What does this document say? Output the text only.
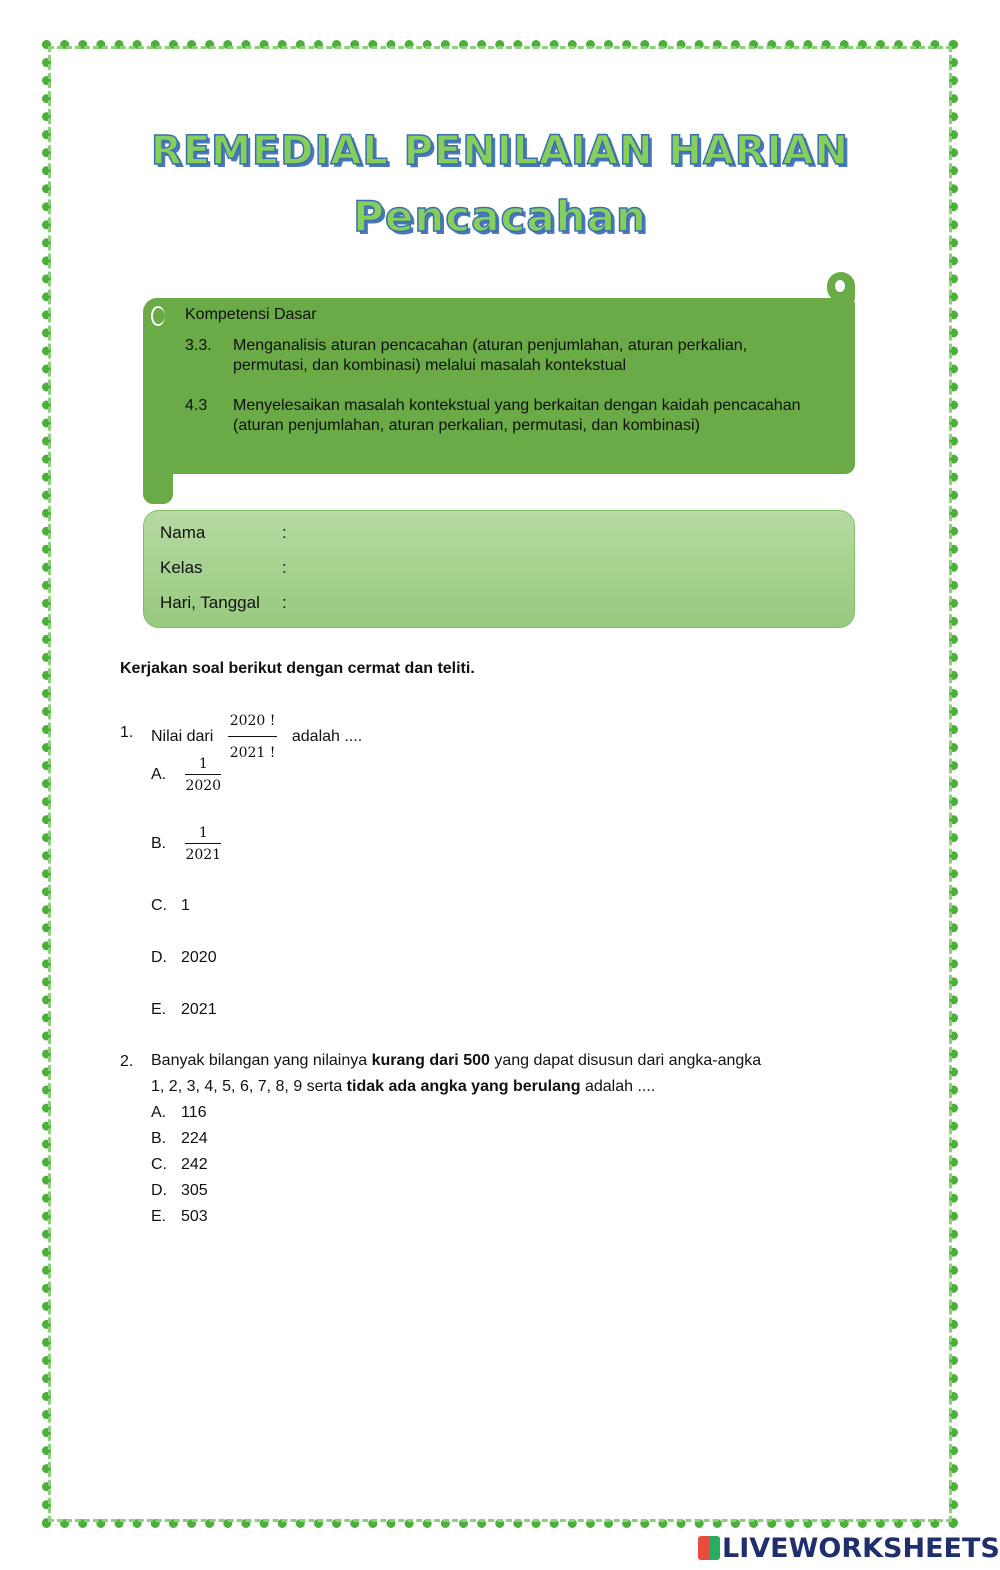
REMEDIAL PENILAIAN HARIAN
Pencacahan
Kompetensi Dasar
3.3.	Menganalisis aturan pencacahan (aturan penjumlahan, aturan perkalian, permutasi, dan kombinasi) melalui masalah kontekstual
4.3	Menyelesaikan masalah kontekstual yang berkaitan dengan kaidah pencacahan (aturan penjumlahan, aturan perkalian, permutasi, dan kombinasi)
Nama	:
Kelas	:
Hari, Tanggal :
Kerjakan soal berikut dengan cermat dan teliti.
1. Nilai dari $\frac{2020 !}{2021 !}$ adalah ....
A. $\frac{1}{2020}$
B. $\frac{1}{2021}$
C. 1
D. 2020
E. 2021
2. Banyak bilangan yang nilainya kurang dari 500 yang dapat disusun dari angka-angka
1, 2, 3, 4, 5, 6, 7, 8, 9 serta tidak ada angka yang berulang adalah ....
A. 116
B. 224
C. 242
D. 305
E. 503
LIVEWORKSHEETS
